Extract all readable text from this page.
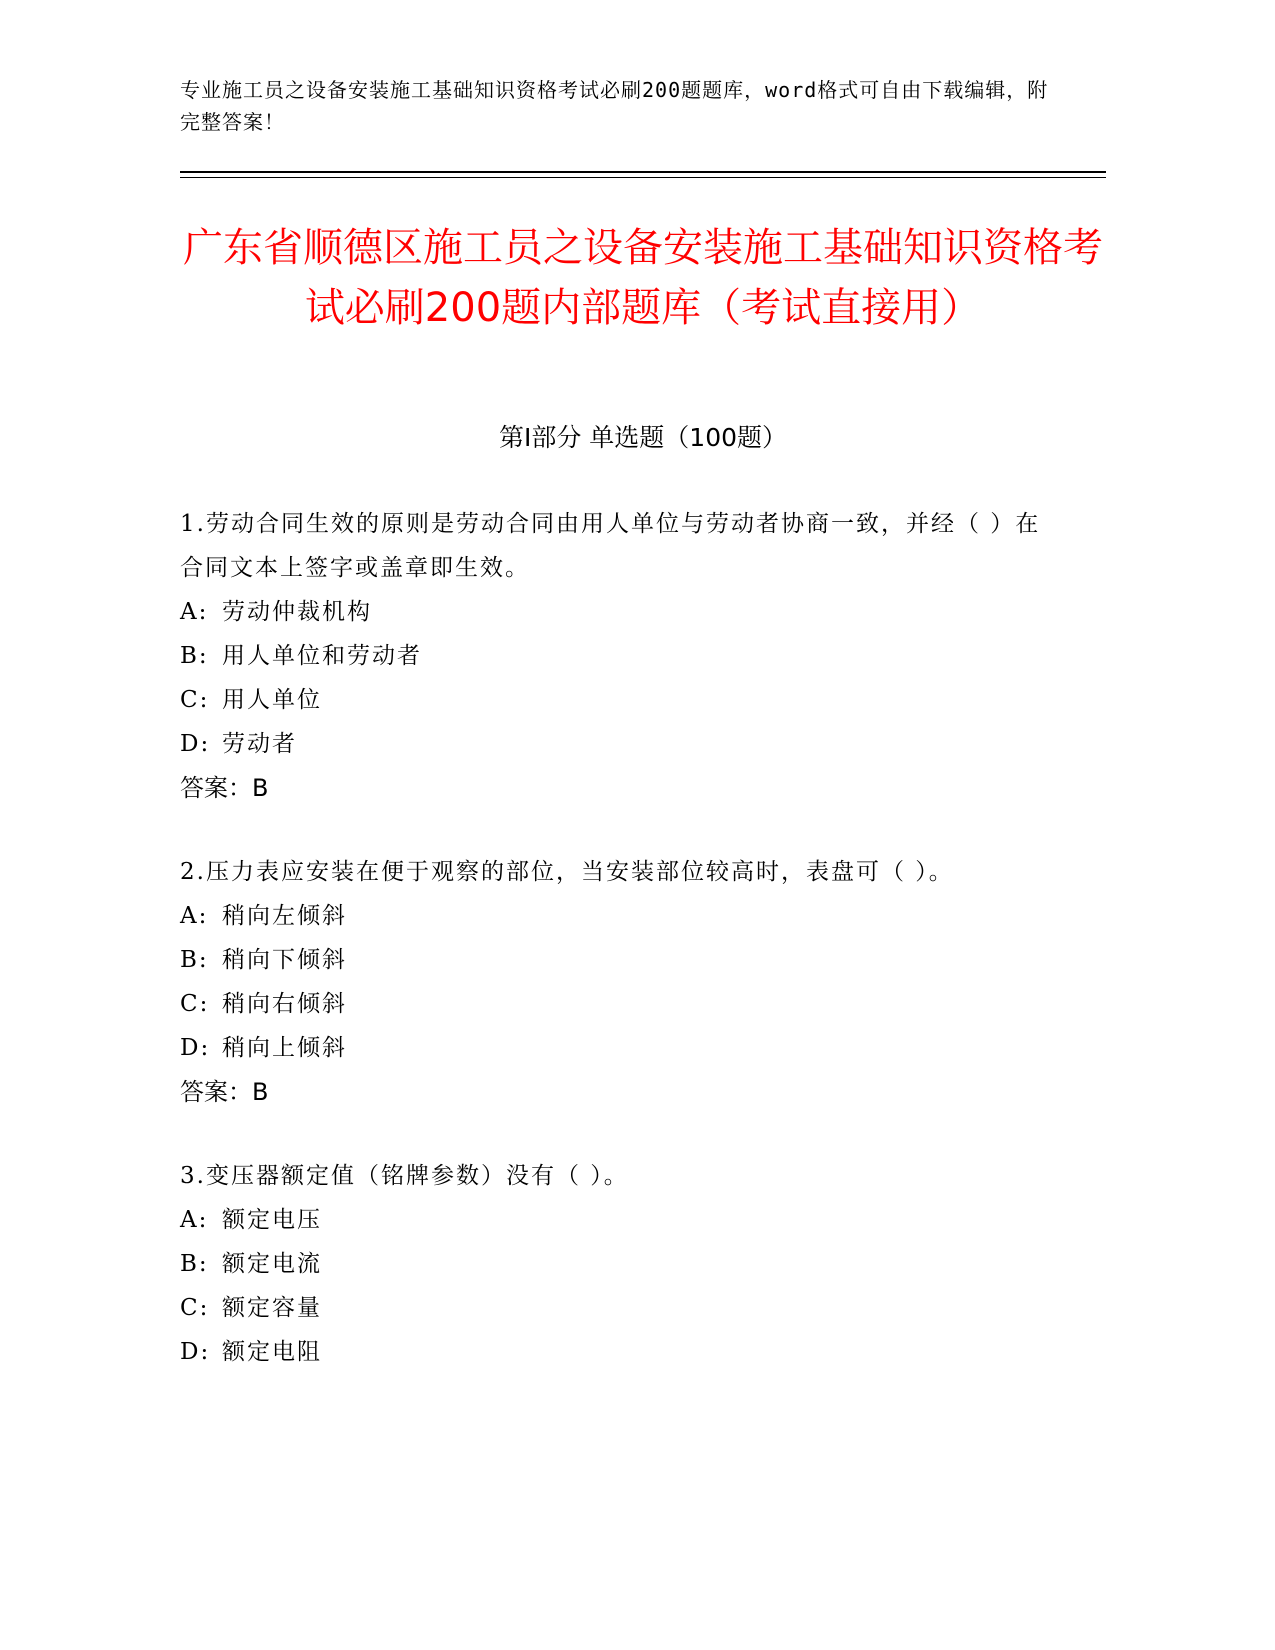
专业施工员之设备安装施工基础知识资格考试必刷200题题库，word格式可自由下载编辑，附完整答案！
广东省顺德区施工员之设备安装施工基础知识资格考试必刷200题内部题库（考试直接用）
第I部分 单选题（100题）
1.劳动合同生效的原则是劳动合同由用人单位与劳动者协商一致，并经（ ）在合同文本上签字或盖章即生效。
A: 劳动仲裁机构
B: 用人单位和劳动者
C: 用人单位
D: 劳动者
答案：B
2.压力表应安装在便于观察的部位，当安装部位较高时，表盘可（ ）。
A: 稍向左倾斜
B: 稍向下倾斜
C: 稍向右倾斜
D: 稍向上倾斜
答案：B
3.变压器额定值（铭牌参数）没有（ ）。
A: 额定电压
B: 额定电流
C: 额定容量
D: 额定电阻
